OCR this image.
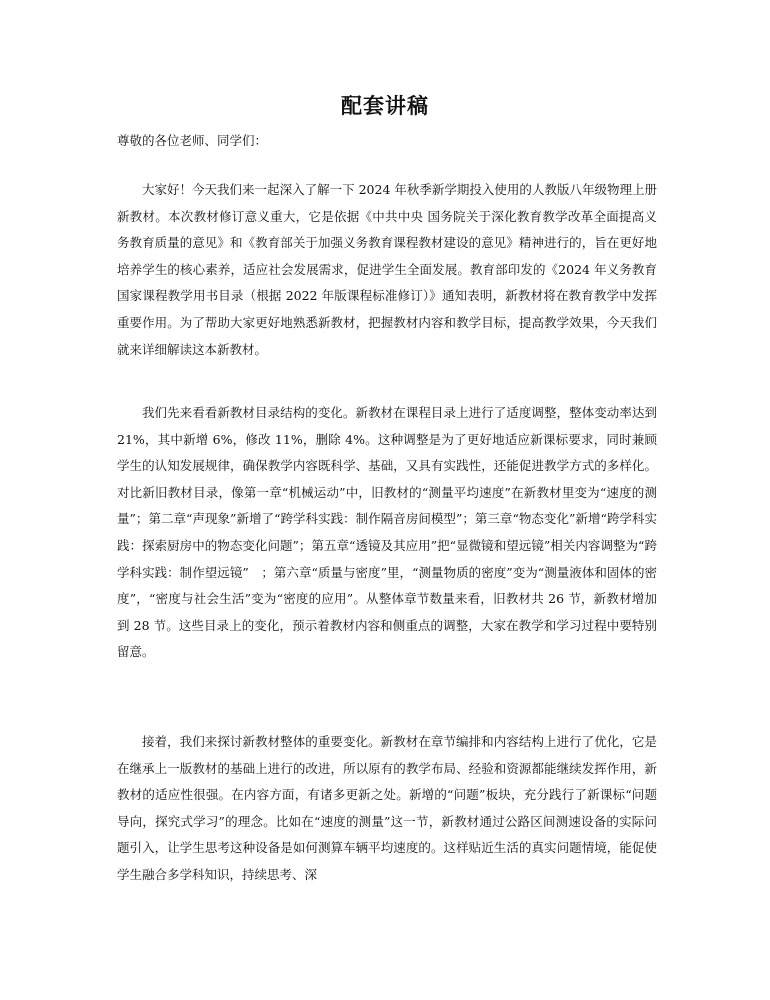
配套讲稿

尊敬的各位老师、同学们：

大家好！今天我们来一起深入了解一下 2024 年秋季新学期投入使用的人教版八年级物理上册新教材。本次教材修订意义重大，它是依据《中共中央 国务院关于深化教育教学改革全面提高义务教育质量的意见》和《教育部关于加强义务教育课程教材建设的意见》精神进行的，旨在更好地培养学生的核心素养，适应社会发展需求，促进学生全面发展。教育部印发的《2024 年义务教育国家课程教学用书目录（根据 2022 年版课程标准修订）》通知表明，新教材将在教育教学中发挥重要作用。为了帮助大家更好地熟悉新教材，把握教材内容和教学目标，提高教学效果，今天我们就来详细解读这本新教材。

我们先来看看新教材目录结构的变化。新教材在课程目录上进行了适度调整，整体变动率达到 21%，其中新增 6%，修改 11%，删除 4%。这种调整是为了更好地适应新课标要求，同时兼顾学生的认知发展规律，确保教学内容既科学、基础，又具有实践性，还能促进教学方式的多样化。对比新旧教材目录，像第一章“机械运动”中，旧教材的“测量平均速度”在新教材里变为“速度的测量”；第二章“声现象”新增了“跨学科实践：制作隔音房间模型”；第三章“物态变化”新增“跨学科实践：探索厨房中的物态变化问题”；第五章“透镜及其应用”把“显微镜和望远镜”相关内容调整为“跨学科实践：制作望远镜”　；第六章“质量与密度”里，“测量物质的密度”变为“测量液体和固体的密度”，“密度与社会生活”变为“密度的应用”。从整体章节数量来看，旧教材共 26 节，新教材增加到 28 节。这些目录上的变化，预示着教材内容和侧重点的调整，大家在教学和学习过程中要特别留意。

接着，我们来探讨新教材整体的重要变化。新教材在章节编排和内容结构上进行了优化，它是在继承上一版教材的基础上进行的改进，所以原有的教学布局、经验和资源都能继续发挥作用，新教材的适应性很强。在内容方面，有诸多更新之处。新增的“问题”板块，充分践行了新课标“问题导向，探究式学习”的理念。比如在“速度的测量”这一节，新教材通过公路区间测速设备的实际问题引入，让学生思考这种设备是如何测算车辆平均速度的。这样贴近生活的真实问题情境，能促使学生融合多学科知识，持续思考、深
